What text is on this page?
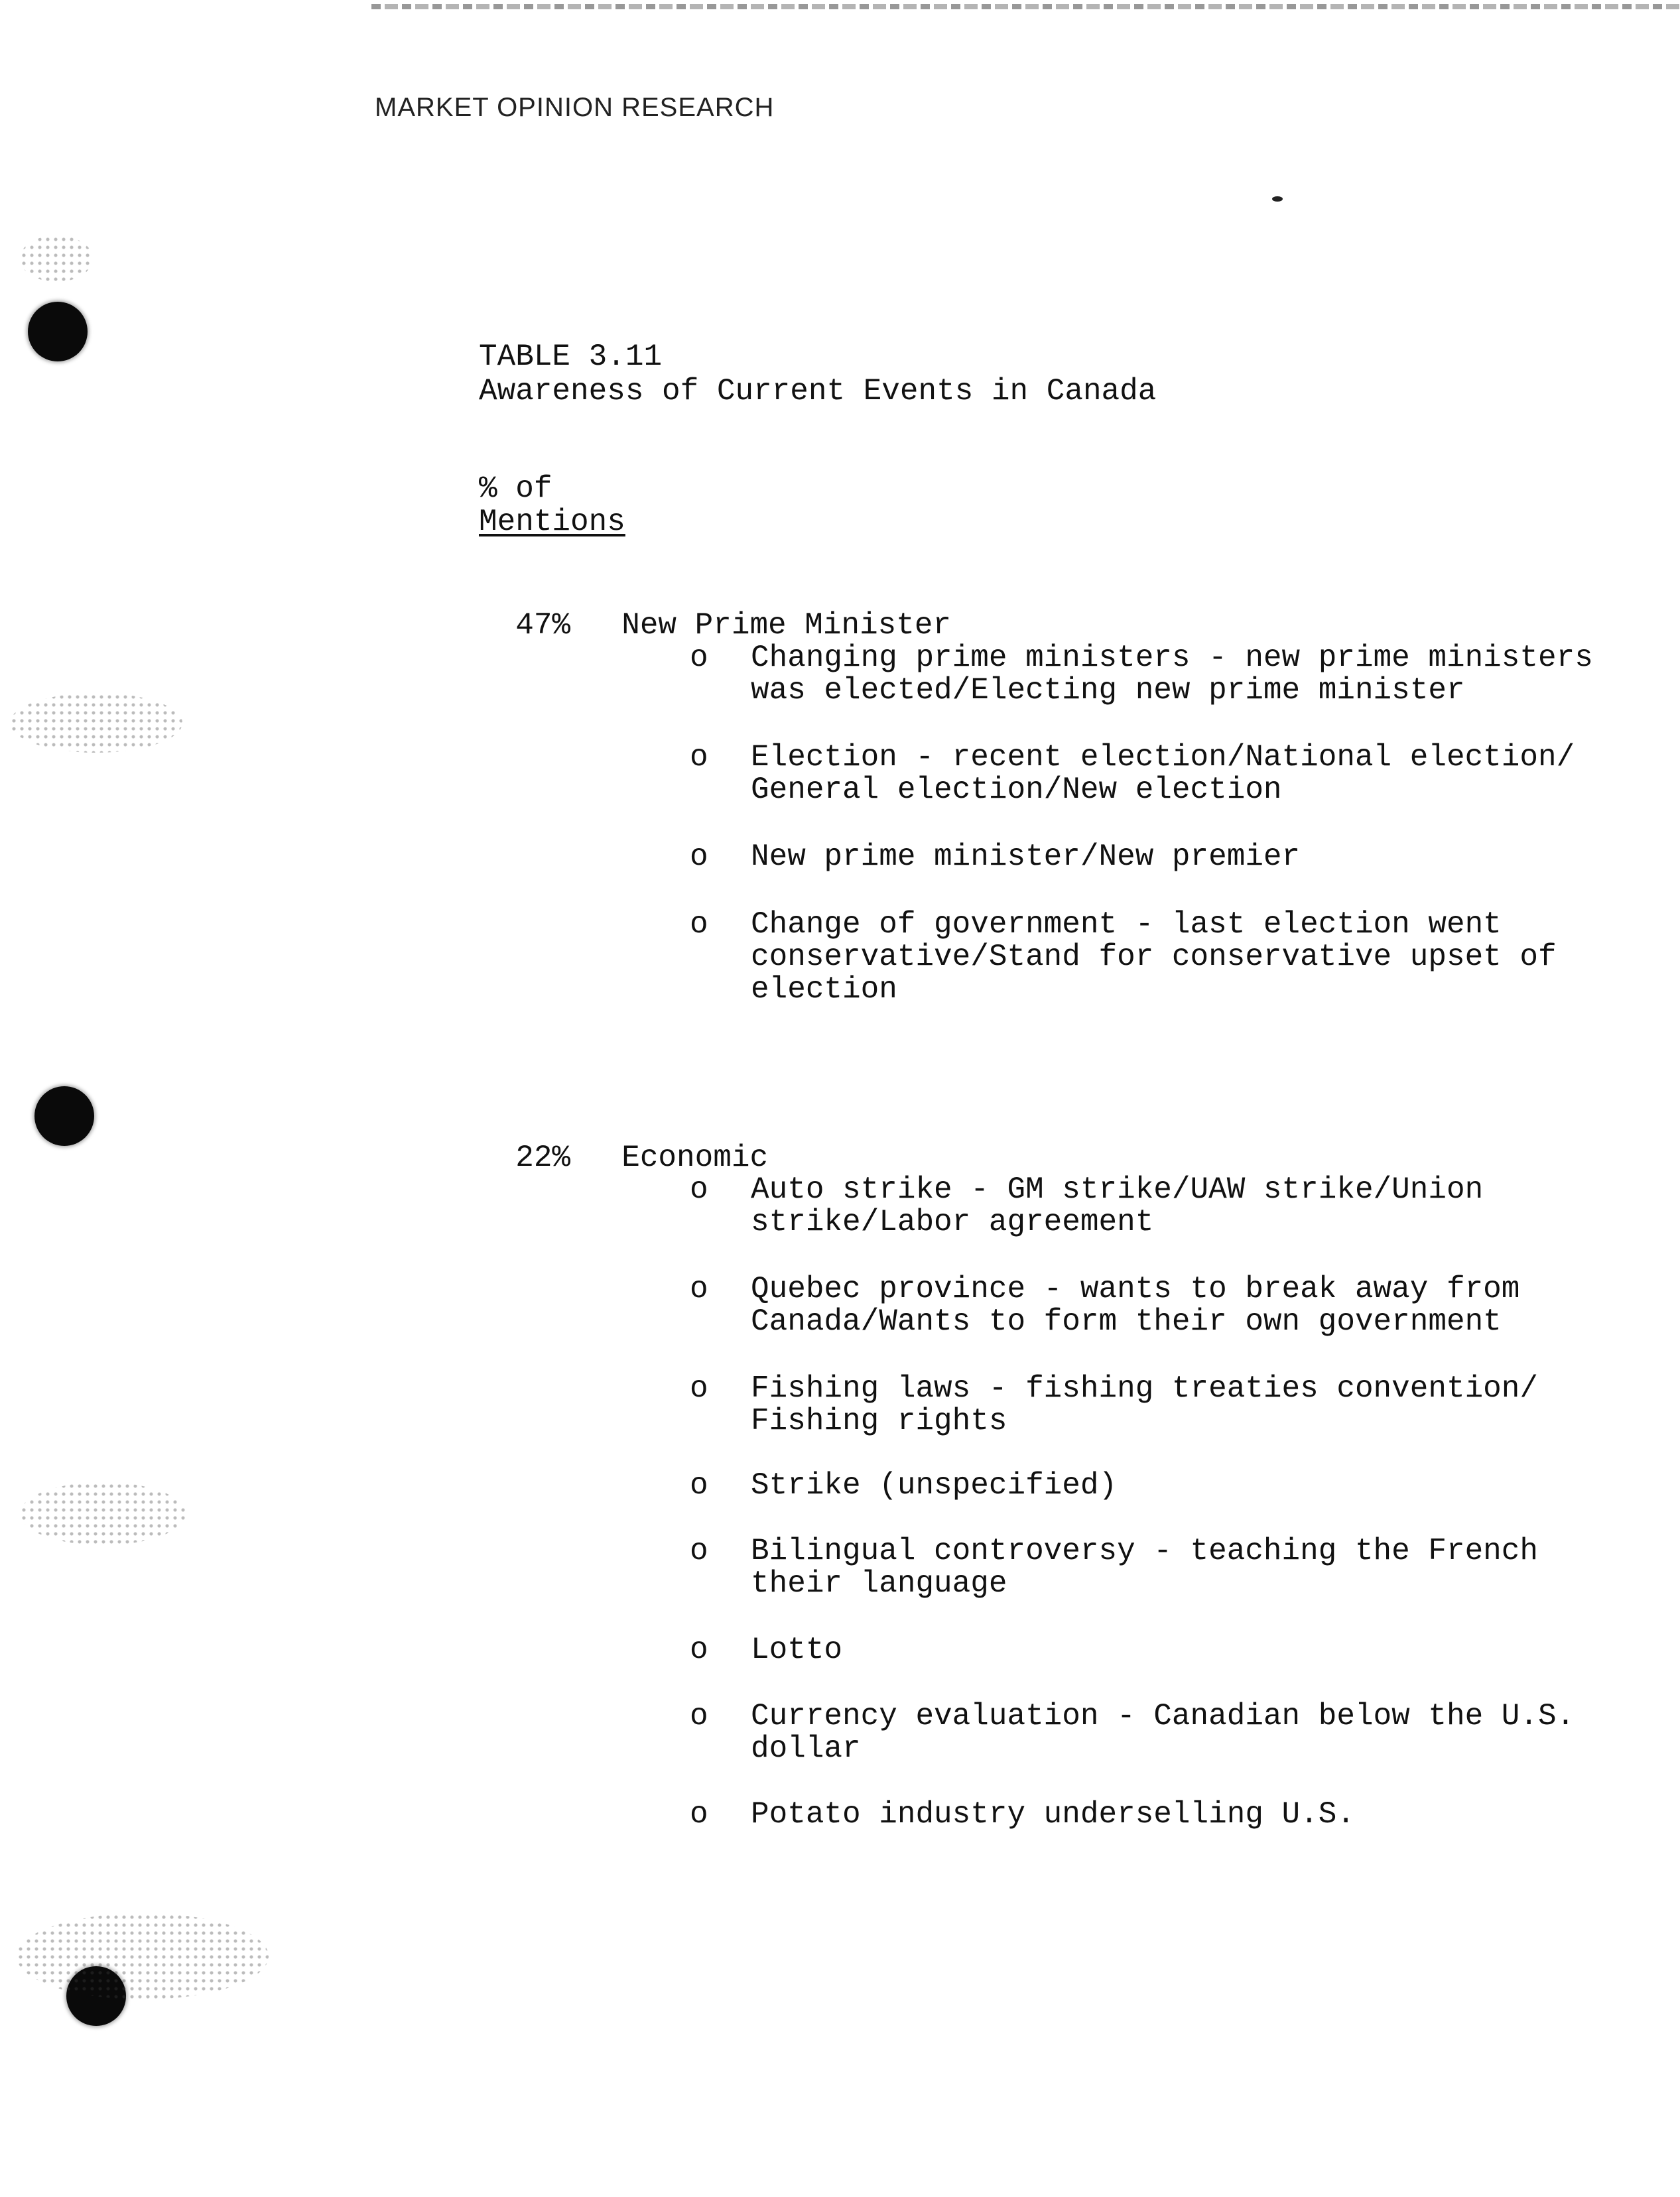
MARKET OPINION RESEARCH
TABLE 3.11
Awareness of Current Events in Canada
% of
Mentions

47% New Prime Minister

o Changing prime ministers - new prime ministers
was elected/Electing new prime minister
o Election - recent election/National election/
General election/New election
o New prime minister/New premier
o Change of government - last election went
conservative/Stand for conservative upset of
election

22% Economic

o Auto strike - GM strike/UAW strike/Union
strike/Labor agreement
o Quebec province - wants to break away from
Canada/Wants to form their own government
o Fishing laws - fishing treaties convention/
Fishing rights
o Strike (unspecified)
o Bilingual controversy - teaching the French
their language
o Lotto
o Currency evaluation - Canadian below the U.S.
dollar
o Potato industry underselling U.S.
